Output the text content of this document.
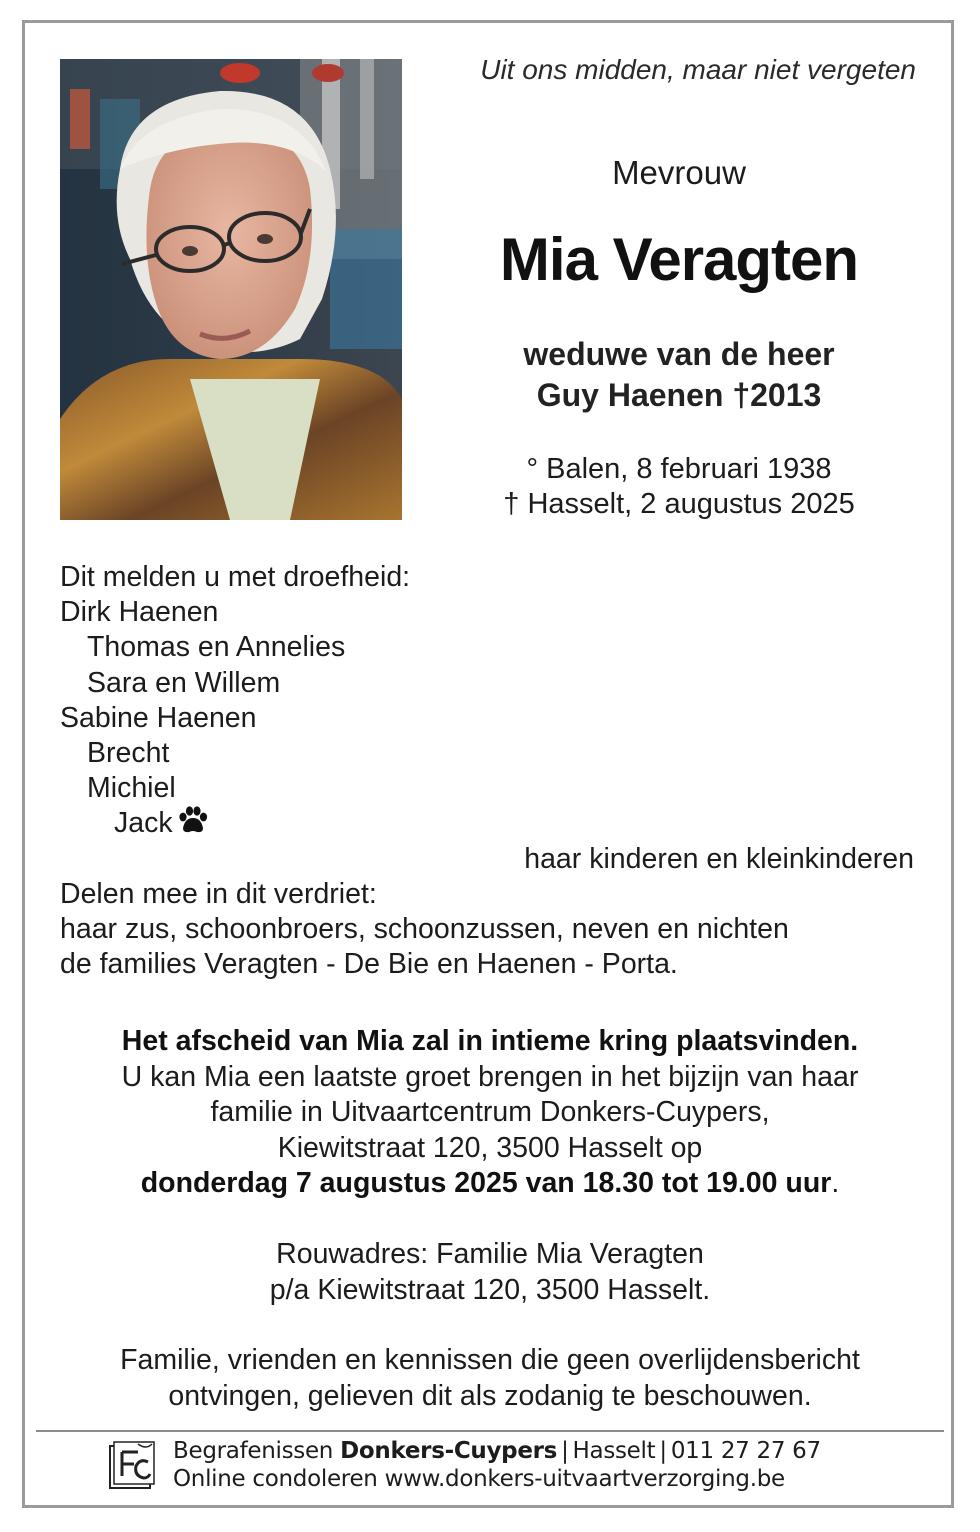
Uit ons midden, maar niet vergeten
Mevrouw
Mia Veragten
weduwe van de heer
Guy Haenen †2013
° Balen, 8 februari 1938
† Hasselt, 2 augustus 2025
Dit melden u met droefheid:
Dirk Haenen
Thomas en Annelies
Sara en Willem
Sabine Haenen
Brecht
Michiel
Jack
haar kinderen en kleinkinderen
Delen mee in dit verdriet:
haar zus, schoonbroers, schoonzussen, neven en nichten
de families Veragten - De Bie en Haenen - Porta.
Het afscheid van Mia zal in intieme kring plaatsvinden.
U kan Mia een laatste groet brengen in het bijzijn van haar
familie in Uitvaartcentrum Donkers-Cuypers,
Kiewitstraat 120, 3500 Hasselt op
donderdag 7 augustus 2025 van 18.30 tot 19.00 uur.
Rouwadres: Familie Mia Veragten
p/a Kiewitstraat 120, 3500 Hasselt.
Familie, vrienden en kennissen die geen overlijdensbericht
ontvingen, gelieven dit als zodanig te beschouwen.
Begrafenissen Donkers-Cuypers | Hasselt | 011 27 27 67
Online condoleren www.donkers-uitvaartverzorging.be
